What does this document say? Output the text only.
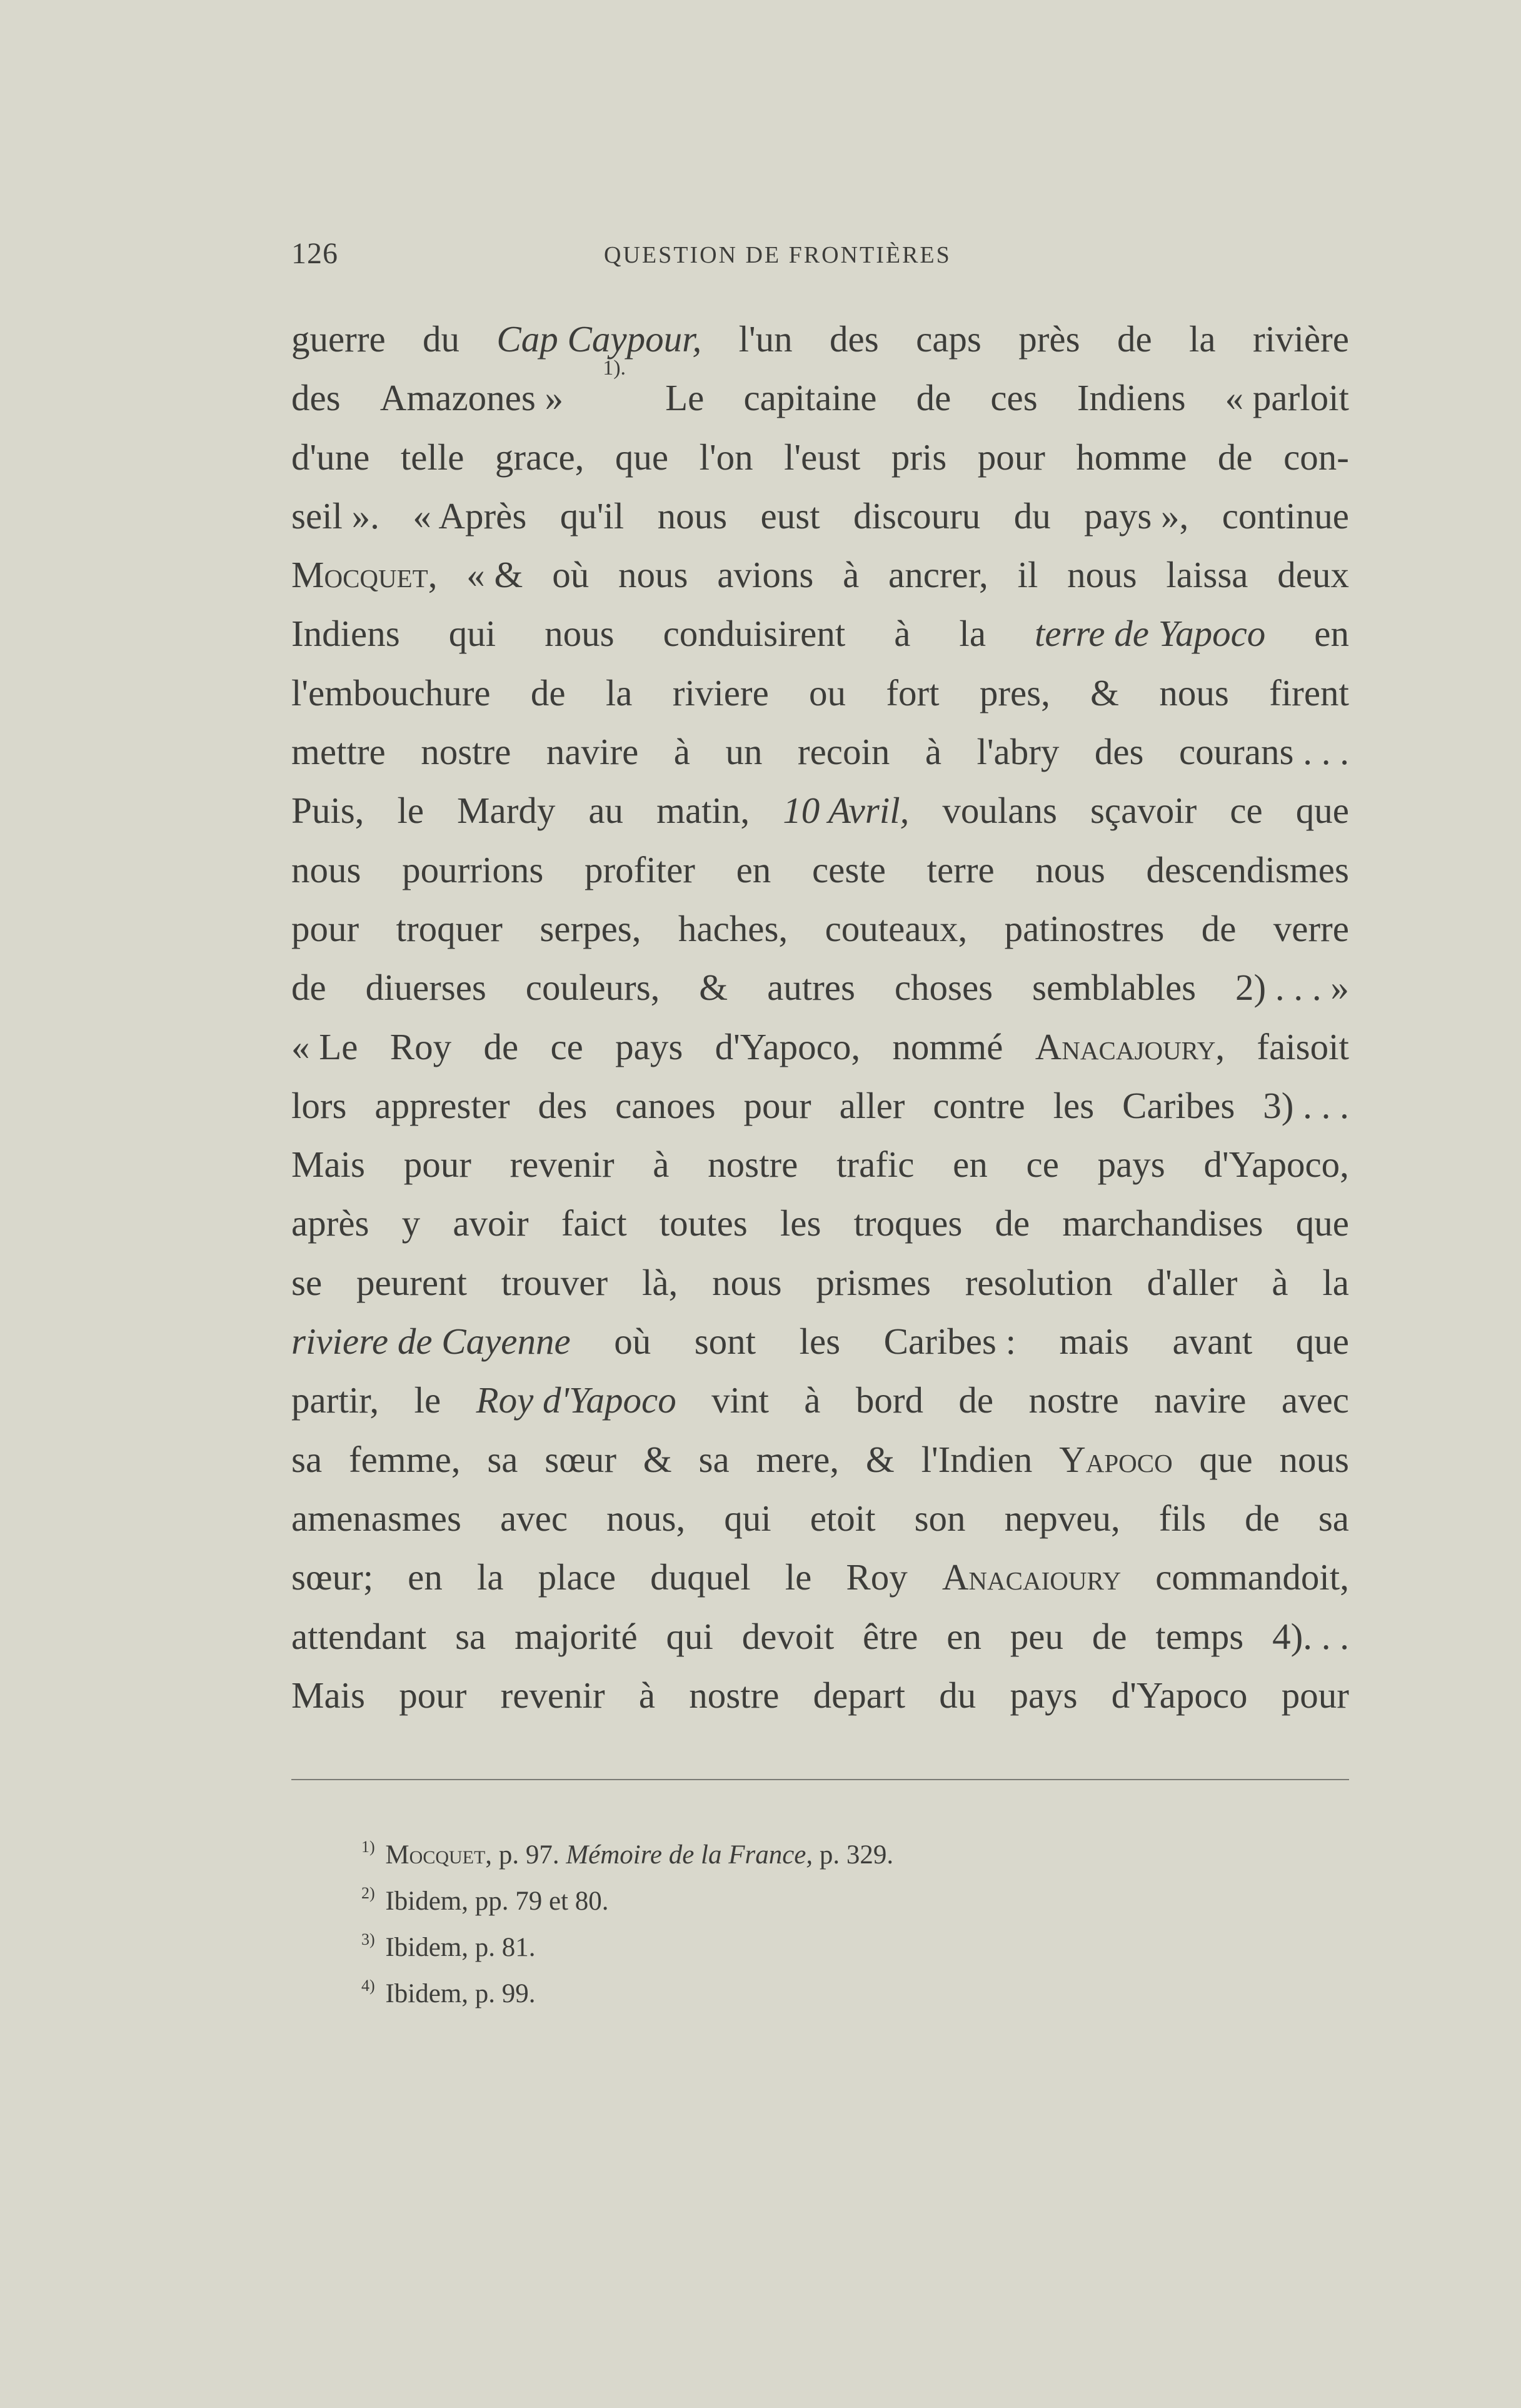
126	QUESTION DE FRONTIÈRES
guerre du Cap Caypour, l'un des caps près de la rivière
des Amazones »
1).
Le capitaine de ces Indiens « parloit
d'une telle grace, que l'on l'eust pris pour homme de con-
seil ». « Après qu'il nous eust discouru du pays », continue
Mocquet, « & où nous avions à ancrer, il nous laissa deux
Indiens qui nous conduisirent à la terre de Yapoco en
l'embouchure de la riviere ou fort pres, & nous firent
mettre nostre navire à un recoin à l'abry des courans . . .
Puis, le Mardy au matin, 10 Avril, voulans sçavoir ce que
nous pourrions profiter en ceste terre nous descendismes
pour troquer serpes, haches, couteaux, patinostres de verre
de diuerses couleurs, & autres choses semblables 2) . . . »
« Le Roy de ce pays d'Yapoco, nommé Anacajoury, faisoit
lors apprester des canoes pour aller contre les Caribes 3) . . .
Mais pour revenir à nostre trafic en ce pays d'Yapoco,
après y avoir faict toutes les troques de marchandises que
se peurent trouver là, nous prismes resolution d'aller à la
riviere de Cayenne où sont les Caribes : mais avant que
partir, le Roy d'Yapoco vint à bord de nostre navire avec
sa femme, sa sœur & sa mere, & l'Indien Yapoco que nous
amenasmes avec nous, qui etoit son nepveu, fils de sa
sœur; en la place duquel le Roy Anacaioury commandoit,
attendant sa majorité qui devoit être en peu de temps 4). . .
Mais pour revenir à nostre depart du pays d'Yapoco pour
$^{1)}$ Mocquet, p. 97. Mémoire de la France, p. 329.
$^{2)}$ Ibidem, pp. 79 et 80.
$^{3)}$ Ibidem, p. 81.
$^{4)}$ Ibidem, p. 99.
